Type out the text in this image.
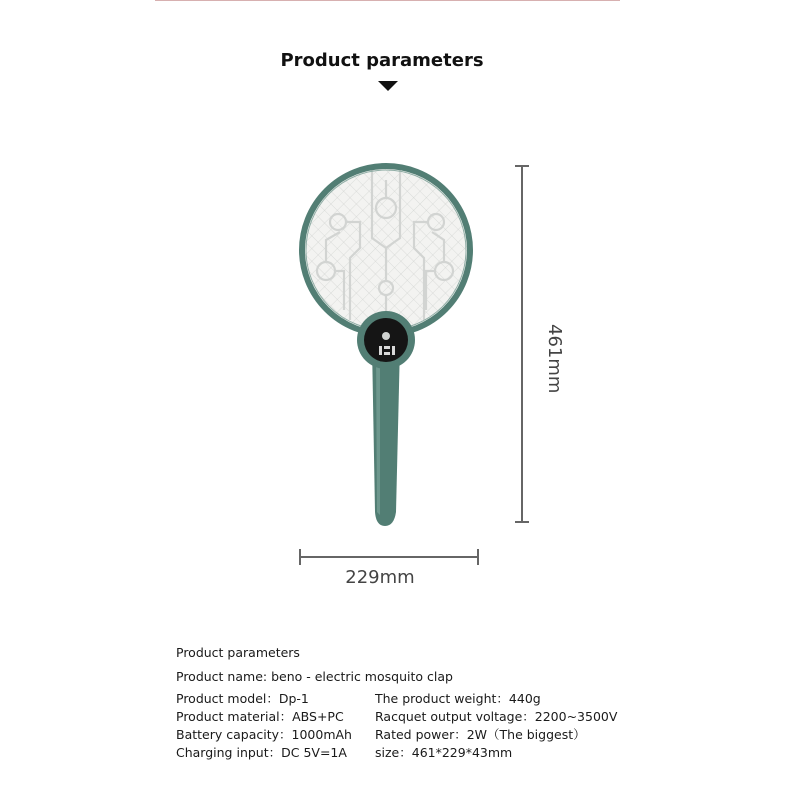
Product parameters
229mm
461mm
Product parameters
Product name: beno - electric mosquito clap
Product model：Dp-1
Product material：ABS+PC
Battery capacity：1000mAh
Charging input：DC 5V=1A
The product weight：440g
Racquet output voltage：2200~3500V
Rated power：2W（The biggest）
size：461*229*43mm
